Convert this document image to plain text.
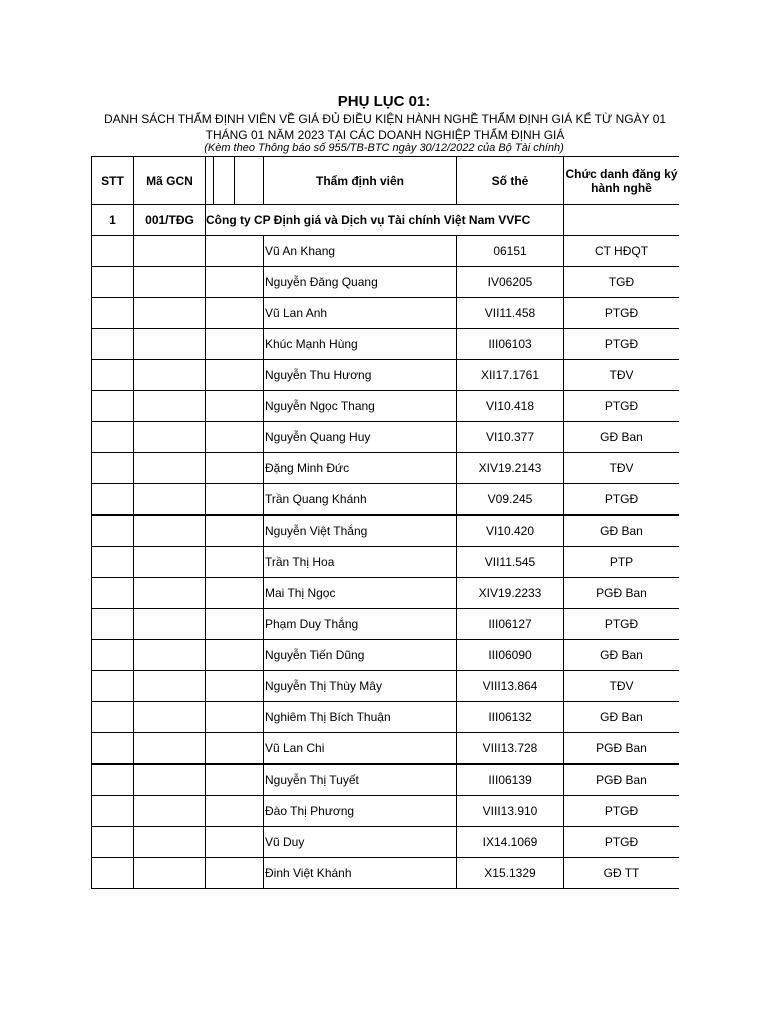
PHỤ LỤC 01:
DANH SÁCH THẨM ĐỊNH VIÊN VỀ GIÁ ĐỦ ĐIỀU KIỆN HÀNH NGHỀ THẨM ĐỊNH GIÁ KỂ TỪ NGÀY 01 THÁNG 01 NĂM 2023 TẠI CÁC DOANH NGHIỆP THẨM ĐỊNH GIÁ
(Kèm theo Thông báo số 955/TB-BTC ngày 30/12/2022 của Bộ Tài chính)
STT	Mã GCN				Thẩm định viên	Số thẻ	Chức danh đăng ký hành nghề
1	001/TĐG	Công ty CP Định giá và Dịch vụ Tài chính Việt Nam VVFC					
					Vũ An Khang	06151	CT HĐQT
					Nguyễn Đăng Quang	IV06205	TGĐ
					Vũ Lan Anh	VII11.458	PTGĐ
					Khúc Mạnh Hùng	III06103	PTGĐ
					Nguyễn Thu Hương	XII17.1761	TĐV
					Nguyễn Ngọc Thang	VI10.418	PTGĐ
					Nguyễn Quang Huy	VI10.377	GĐ Ban
					Đặng Minh Đức	XIV19.2143	TĐV
					Trần Quang Khánh	V09.245	PTGĐ
					Nguyễn Việt Thắng	VI10.420	GĐ Ban
					Trần Thị Hoa	VII11.545	PTP
					Mai Thị Ngọc	XIV19.2233	PGĐ Ban
					Phạm Duy Thắng	III06127	PTGĐ
					Nguyễn Tiến Dũng	III06090	GĐ Ban
					Nguyễn Thị Thùy Mây	VIII13.864	TĐV
					Nghiêm Thị Bích Thuận	III06132	GĐ Ban
					Vũ Lan Chi	VIII13.728	PGĐ Ban
					Nguyễn Thị Tuyết	III06139	PGĐ Ban
					Đào Thị Phương	VIII13.910	PTGĐ
					Vũ Duy	IX14.1069	PTGĐ
					Đinh Việt Khánh	X15.1329	GĐ TT
